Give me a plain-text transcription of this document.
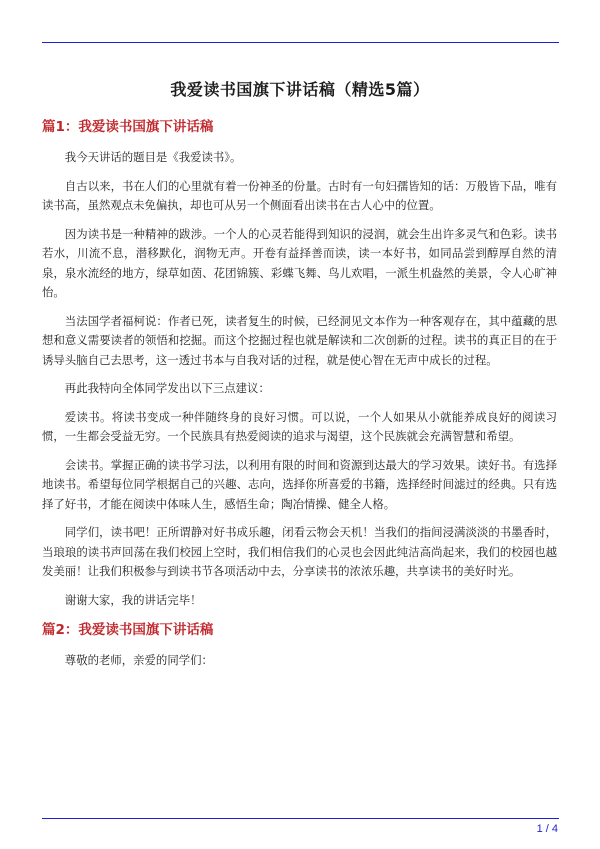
我爱读书国旗下讲话稿（精选5篇）
篇1：我爱读书国旗下讲话稿

我今天讲话的题目是《我爱读书》。

自古以来，书在人们的心里就有着一份神圣的份量。古时有一句妇孺皆知的话：万般皆下品，唯有读书高，虽然观点未免偏执，却也可从另一个侧面看出读书在古人心中的位置。

因为读书是一种精神的跋涉。一个人的心灵若能得到知识的浸润，就会生出许多灵气和色彩。读书若水，川流不息，潜移默化，润物无声。开卷有益择善而读，读一本好书，如同品尝到醇厚自然的清泉，泉水流经的地方，绿草如茵、花团锦簇、彩蝶飞舞、鸟儿欢唱，一派生机盎然的美景，令人心旷神怡。

当法国学者福柯说：作者已死，读者复生的时候，已经洞见文本作为一种客观存在，其中蕴藏的思想和意义需要读者的领悟和挖掘。而这个挖掘过程也就是解读和二次创新的过程。读书的真正目的在于诱导头脑自己去思考，这一透过书本与自我对话的过程，就是使心智在无声中成长的过程。

再此我特向全体同学发出以下三点建议：

爱读书。将读书变成一种伴随终身的良好习惯。可以说，一个人如果从小就能养成良好的阅读习惯，一生都会受益无穷。一个民族具有热爱阅读的追求与渴望，这个民族就会充满智慧和希望。

会读书。掌握正确的读书学习法，以利用有限的时间和资源到达最大的学习效果。读好书。有选择地读书。希望每位同学根据自己的兴趣、志向，选择你所喜爱的书籍，选择经时间滤过的经典。只有选择了好书，才能在阅读中体味人生，感悟生命；陶冶情操、健全人格。

同学们，读书吧！正所谓静对好书成乐趣，闭看云物会天机！当我们的指间浸满淡淡的书墨香时，当琅琅的读书声回荡在我们校园上空时，我们相信我们的心灵也会因此纯洁高尚起来，我们的校园也越发美丽！让我们积极参与到读书节各项活动中去，分享读书的浓浓乐趣，共享读书的美好时光。

谢谢大家，我的讲话完毕！

篇2：我爱读书国旗下讲话稿

尊敬的老师，亲爱的同学们：

1 / 4
